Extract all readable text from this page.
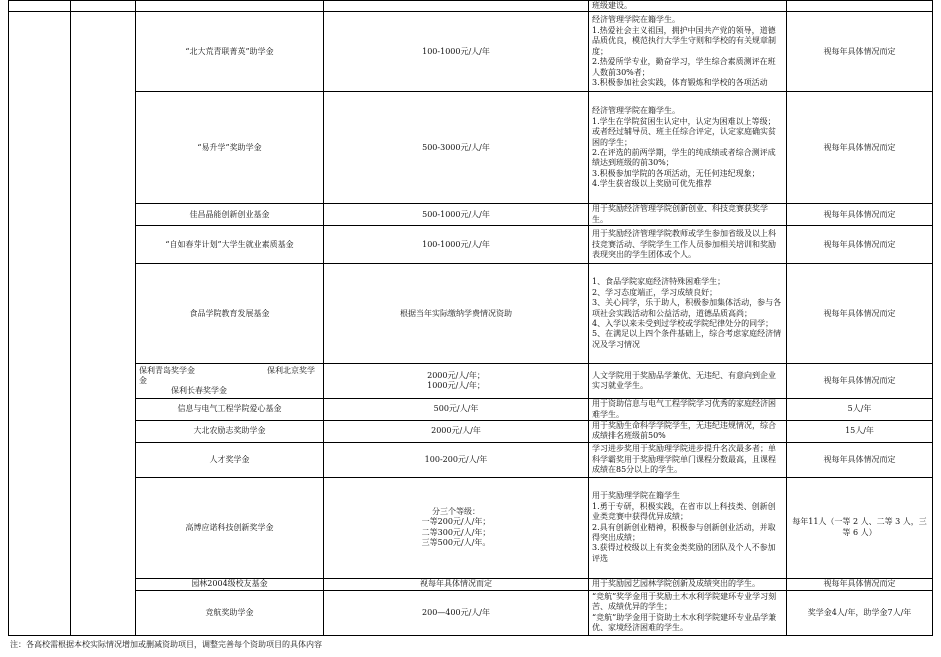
				班级建设。	
		“北大荒青联菁英”助学金	100-1000元/人/年	经济管理学院在籍学生。
1.热爱社会主义祖国，拥护中国共产党的领导，道德品质优良，模范执行大学生守则和学校的有关规章制度；
2.热爱所学专业，勤奋学习，学生综合素质测评在班人数前30%者；
3.积极参加社会实践，体育锻炼和学校的各项活动	视每年具体情况而定
		“易升学”奖助学金	500-3000元/人/年	经济管理学院在籍学生。
1.学生在学院贫困生认定中，认定为困难以上等级；或者经过辅导员、班主任综合评定，认定家庭确实贫困的学生；
2.在评选的前两学期，学生的纯成绩或者综合测评成绩达到班级的前30%；
3.积极参加学院的各项活动，无任何违纪现象；
4.学生获省级以上奖励可优先推荐	视每年具体情况而定
		佳昌晶能创新创业基金	500-1000元/人/年	用于奖励经济管理学院创新创业、科技竞赛获奖学生。	视每年具体情况而定
		“自如春芽计划”大学生就业素质基金	100-1000元/人/年	用于奖励经济管理学院教师或学生参加省级及以上科技竞赛活动、学院学生工作人员参加相关培训和奖励表现突出的学生团体或个人。	视每年具体情况而定
		食品学院教育发展基金	根据当年实际缴纳学费情况资助	1、食品学院家庭经济特殊困难学生；
2、学习态度端正，学习成绩良好；
3、关心同学，乐于助人，积极参加集体活动，参与各项社会实践活动和公益活动，道德品质高尚；
4、入学以来未受到过学校或学院纪律处分的同学；
5、在满足以上四个条件基础上，综合考虑家庭经济情况及学习情况	视每年具体情况而定
		保利青岛奖学金　　　　　　　　　保利北京奖学金
　　　　保利长春奖学金	2000元/人/年；
1000元/人/年；	人文学院用于奖励品学兼优、无违纪、有意向到企业实习就业学生。	视每年具体情况而定
		信息与电气工程学院爱心基金	500元/人/年	用于资助信息与电气工程学院学习优秀的家庭经济困难学生。	5人/年
		大北农励志奖助学金	2000元/人/年	用于奖励生命科学学院学生，无违纪违规情况，综合成绩排名班级前50%	15人/年
		人才奖学金	100-200元/人/年	学习进步奖用于奖励理学院进步提升名次最多者；单科学霸奖用于奖励理学院单门课程分数最高，且课程成绩在85分以上的学生。	视每年具体情况而定
		高博应诺科技创新奖学金	分三个等级：
一等200元/人/年；
二等300元/人/年；
三等500元/人/年。	用于奖励理学院在籍学生
1.勇于专研，积极实践，在省市以上科技类、创新创业类竞赛中获得优异成绩；
2.具有创新创业精神，积极参与创新创业活动，并取得突出成绩；
3.获得过校级以上有奖金类奖励的团队及个人不参加评选	每年11人（一等 2 人、二等 3 人，三等 6 人）
		园林2004级校友基金	视每年具体情况而定	用于奖励园艺园林学院创新及成绩突出的学生。	视每年具体情况而定
		竞航奖助学金	200—400元/人/年	“竞航”奖学金用于奖励土木水利学院建环专业学习刻苦、成绩优异的学生；
“竞航”助学金用于资助土木水利学院建环专业品学兼优、家境经济困难的学生。	奖学金4人/年，助学金7人/年
注：各高校需根据本校实际情况增加或删减资助项目，调整完善每个资助项目的具体内容
